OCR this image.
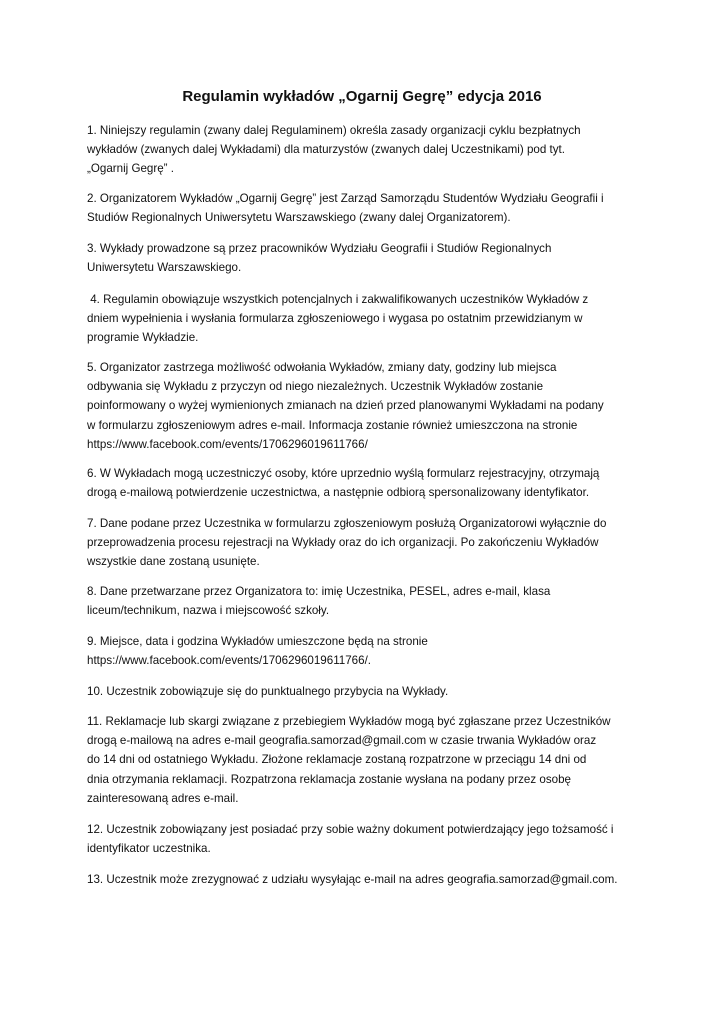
Regulamin wykładów „Ogarnij Gegrę” edycja 2016

1. Niniejszy regulamin (zwany dalej Regulaminem) określa zasady organizacji cyklu bezpłatnych
wykładów (zwanych dalej Wykładami) dla maturzystów (zwanych dalej Uczestnikami) pod tyt.
„Ogarnij Gegrę” .

2. Organizatorem Wykładów „Ogarnij Gegrę” jest Zarząd Samorządu Studentów Wydziału Geografii i
Studiów Regionalnych Uniwersytetu Warszawskiego (zwany dalej Organizatorem).

3. Wykłady prowadzone są przez pracowników Wydziału Geografii i Studiów Regionalnych
Uniwersytetu Warszawskiego.

4. Regulamin obowiązuje wszystkich potencjalnych i zakwalifikowanych uczestników Wykładów z
dniem wypełnienia i wysłania formularza zgłoszeniowego i wygasa po ostatnim przewidzianym w
programie Wykładzie.

5. Organizator zastrzega możliwość odwołania Wykładów, zmiany daty, godziny lub miejsca
odbywania się Wykładu z przyczyn od niego niezależnych. Uczestnik Wykładów zostanie
poinformowany o wyżej wymienionych zmianach na dzień przed planowanymi Wykładami na podany
w formularzu zgłoszeniowym adres e-mail. Informacja zostanie również umieszczona na stronie
https://www.facebook.com/events/1706296019611766/

6. W Wykładach mogą uczestniczyć osoby, które uprzednio wyślą formularz rejestracyjny, otrzymają
drogą e-mailową potwierdzenie uczestnictwa, a następnie odbiorą spersonalizowany identyfikator.

7. Dane podane przez Uczestnika w formularzu zgłoszeniowym posłużą Organizatorowi wyłącznie do
przeprowadzenia procesu rejestracji na Wykłady oraz do ich organizacji. Po zakończeniu Wykładów
wszystkie dane zostaną usunięte.

8. Dane przetwarzane przez Organizatora to: imię Uczestnika, PESEL, adres e-mail, klasa
liceum/technikum, nazwa i miejscowość szkoły.

9. Miejsce, data i godzina Wykładów umieszczone będą na stronie
https://www.facebook.com/events/1706296019611766/.

10. Uczestnik zobowiązuje się do punktualnego przybycia na Wykłady.

11. Reklamacje lub skargi związane z przebiegiem Wykładów mogą być zgłaszane przez Uczestników
drogą e-mailową na adres e-mail geografia.samorzad@gmail.com w czasie trwania Wykładów oraz
do 14 dni od ostatniego Wykładu. Złożone reklamacje zostaną rozpatrzone w przeciągu 14 dni od
dnia otrzymania reklamacji. Rozpatrzona reklamacja zostanie wysłana na podany przez osobę
zainteresowaną adres e-mail.

12. Uczestnik zobowiązany jest posiadać przy sobie ważny dokument potwierdzający jego tożsamość i
identyfikator uczestnika.

13. Uczestnik może zrezygnować z udziału wysyłając e-mail na adres geografia.samorzad@gmail.com.
